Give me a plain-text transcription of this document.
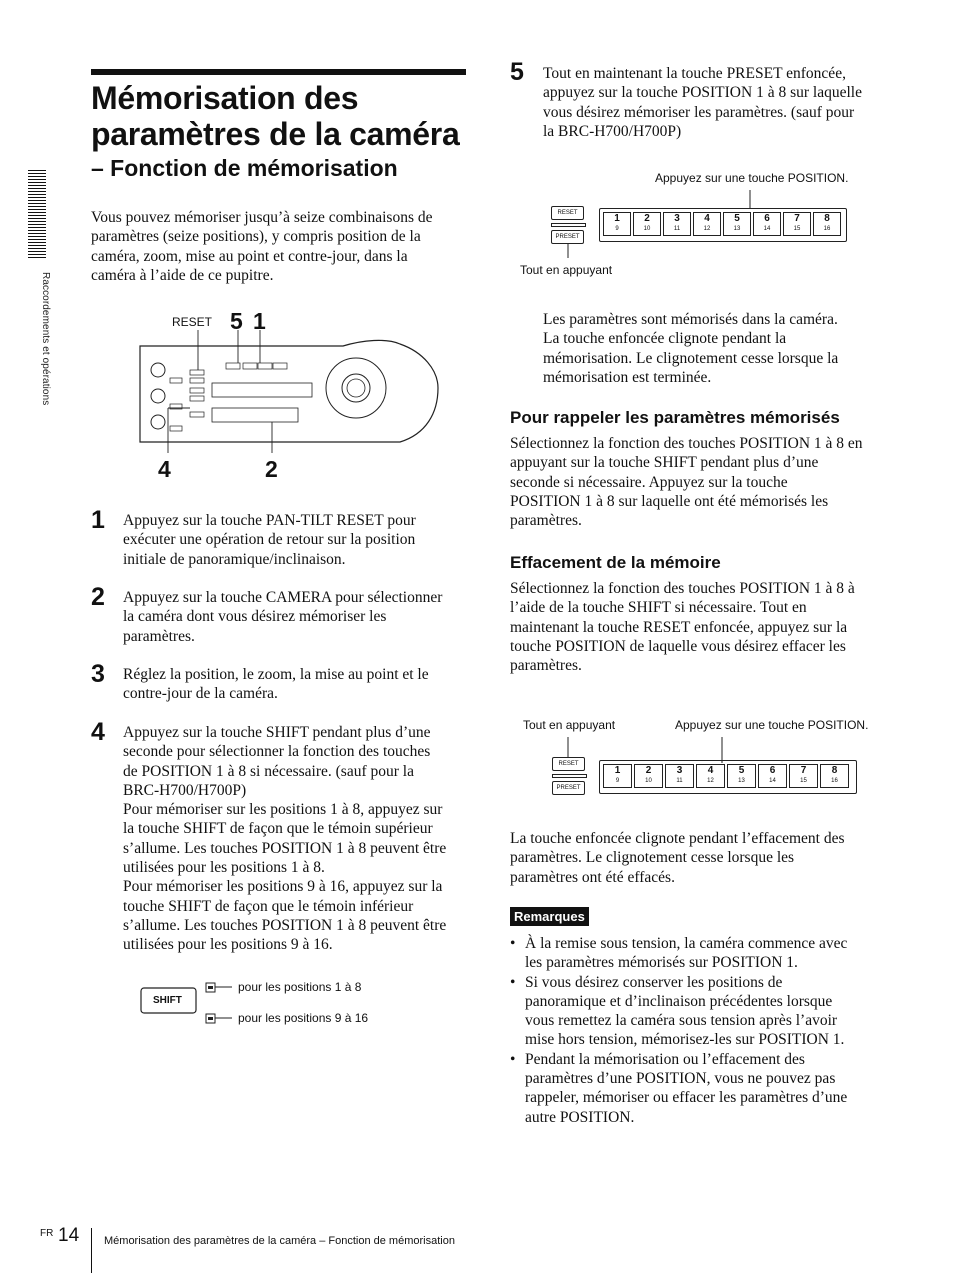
Raccordements et opérations
Mémorisation des
paramètres de la caméra
– Fonction de mémorisation
Vous pouvez mémoriser jusqu’à seize combinaisons de
paramètres (seize positions), y compris position de la
caméra, zoom, mise au point et contre-jour, dans la
caméra à l’aide de ce pupitre.
RESET 5 1
4	2
1 Appuyez sur la touche PAN-TILT RESET pour
exécuter une opération de retour sur la position
initiale de panoramique/inclinaison.
2 Appuyez sur la touche CAMERA pour sélectionner
la caméra dont vous désirez mémoriser les
paramètres.
3 Réglez la position, le zoom, la mise au point et le
contre-jour de la caméra.
4 Appuyez sur la touche SHIFT pendant plus d’une
seconde pour sélectionner la fonction des touches
de POSITION 1 à 8 si nécessaire. (sauf pour la
BRC-H700/H700P)
Pour mémoriser sur les positions 1 à 8, appuyez sur
la touche SHIFT de façon que le témoin supérieur
s’allume. Les touches POSITION 1 à 8 peuvent être
utilisées pour les positions 1 à 8.
Pour mémoriser les positions 9 à 16, appuyez sur la
touche SHIFT de façon que le témoin inférieur
s’allume. Les touches POSITION 1 à 8 peuvent être
utilisées pour les positions 9 à 16.
SHIFT
pour les positions 1 à 8
pour les positions 9 à 16
5 Tout en maintenant la touche PRESET enfoncée,
appuyez sur la touche POSITION 1 à 8 sur laquelle
vous désirez mémoriser les paramètres. (sauf pour
la BRC-H700/H700P)
Appuyez sur une touche POSITION.
Tout en appuyant
RESET
PRESET
1
9
2
10
3
11
4
12
5
13
6
14
7
15
8
16
Les paramètres sont mémorisés dans la caméra.
La touche enfoncée clignote pendant la
mémorisation. Le clignotement cesse lorsque la
mémorisation est terminée.
Pour rappeler les paramètres mémorisés
Sélectionnez la fonction des touches POSITION 1 à 8 en
appuyant sur la touche SHIFT pendant plus d’une
seconde si nécessaire. Appuyez sur la touche
POSITION 1 à 8 sur laquelle ont été mémorisés les
paramètres.
Effacement de la mémoire
Sélectionnez la fonction des touches POSITION 1 à 8 à
l’aide de la touche SHIFT si nécessaire. Tout en
maintenant la touche RESET enfoncée, appuyez sur la
touche POSITION de laquelle vous désirez effacer les
paramètres.
Tout en appuyant	Appuyez sur une touche POSITION.
RESET
PRESET
1
9
2
10
3
11
4
12
5
13
6
14
7
15
8
16
La touche enfoncée clignote pendant l’effacement des
paramètres. Le clignotement cesse lorsque les
paramètres ont été effacés.
Remarques
• À la remise sous tension, la caméra commence avec
les paramètres mémorisés sur POSITION 1.
• Si vous désirez conserver les positions de
panoramique et d’inclinaison précédentes lorsque
vous remettez la caméra sous tension après l’avoir
mise hors tension, mémorisez-les sur POSITION 1.
• Pendant la mémorisation ou l’effacement des
paramètres d’une POSITION, vous ne pouvez pas
rappeler, mémoriser ou effacer les paramètres d’une
autre POSITION.
FR 14 Mémorisation des paramètres de la caméra – Fonction de mémorisation
